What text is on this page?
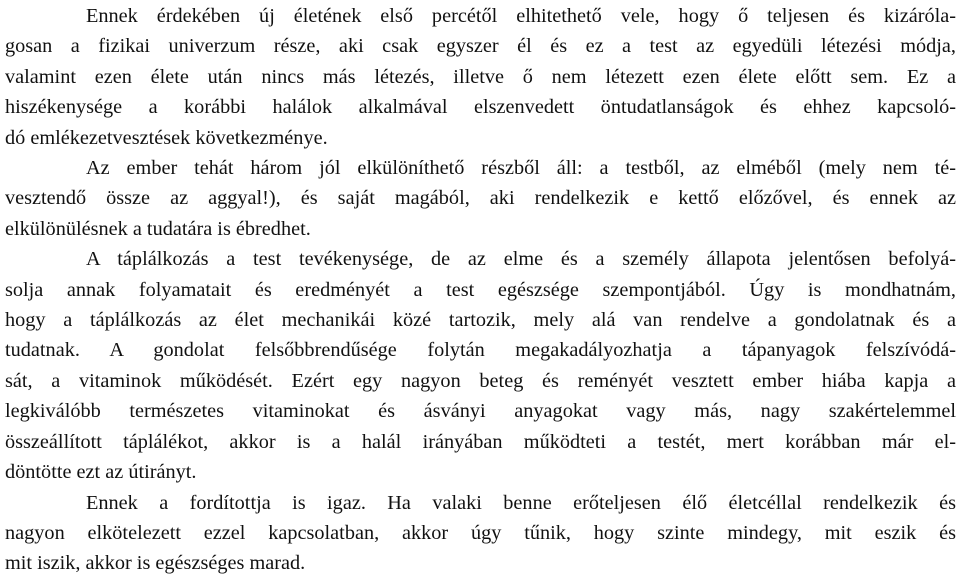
Ennek érdekében új életének első percétől elhitethető vele, hogy ő teljesen és kizáróla-
gosan a fizikai univerzum része, aki csak egyszer él és ez a test az egyedüli létezési módja,
valamint ezen élete után nincs más létezés, illetve ő nem létezett ezen élete előtt sem. Ez a
hiszékenysége a korábbi halálok alkalmával elszenvedett öntudatlanságok és ehhez kapcsoló-
dó emlékezetvesztések következménye.
Az ember tehát három jól elkülöníthető részből áll: a testből, az elméből (mely nem té-
vesztendő össze az aggyal!), és saját magából, aki rendelkezik e kettő előzővel, és ennek az
elkülönülésnek a tudatára is ébredhet.
A táplálkozás a test tevékenysége, de az elme és a személy állapota jelentősen befolyá-
solja annak folyamatait és eredményét a test egészsége szempontjából. Úgy is mondhatnám,
hogy a táplálkozás az élet mechanikái közé tartozik, mely alá van rendelve a gondolatnak és a
tudatnak. A gondolat felsőbbrendűsége folytán megakadályozhatja a tápanyagok felszívódá-
sát, a vitaminok működését. Ezért egy nagyon beteg és reményét vesztett ember hiába kapja a
legkiválóbb természetes vitaminokat és ásványi anyagokat vagy más, nagy szakértelemmel
összeállított táplálékot, akkor is a halál irányában működteti a testét, mert korábban már el-
döntötte ezt az útirányt.
Ennek a fordítottja is igaz. Ha valaki benne erőteljesen élő életcéllal rendelkezik és
nagyon elkötelezett ezzel kapcsolatban, akkor úgy tűnik, hogy szinte mindegy, mit eszik és
mit iszik, akkor is egészséges marad.
